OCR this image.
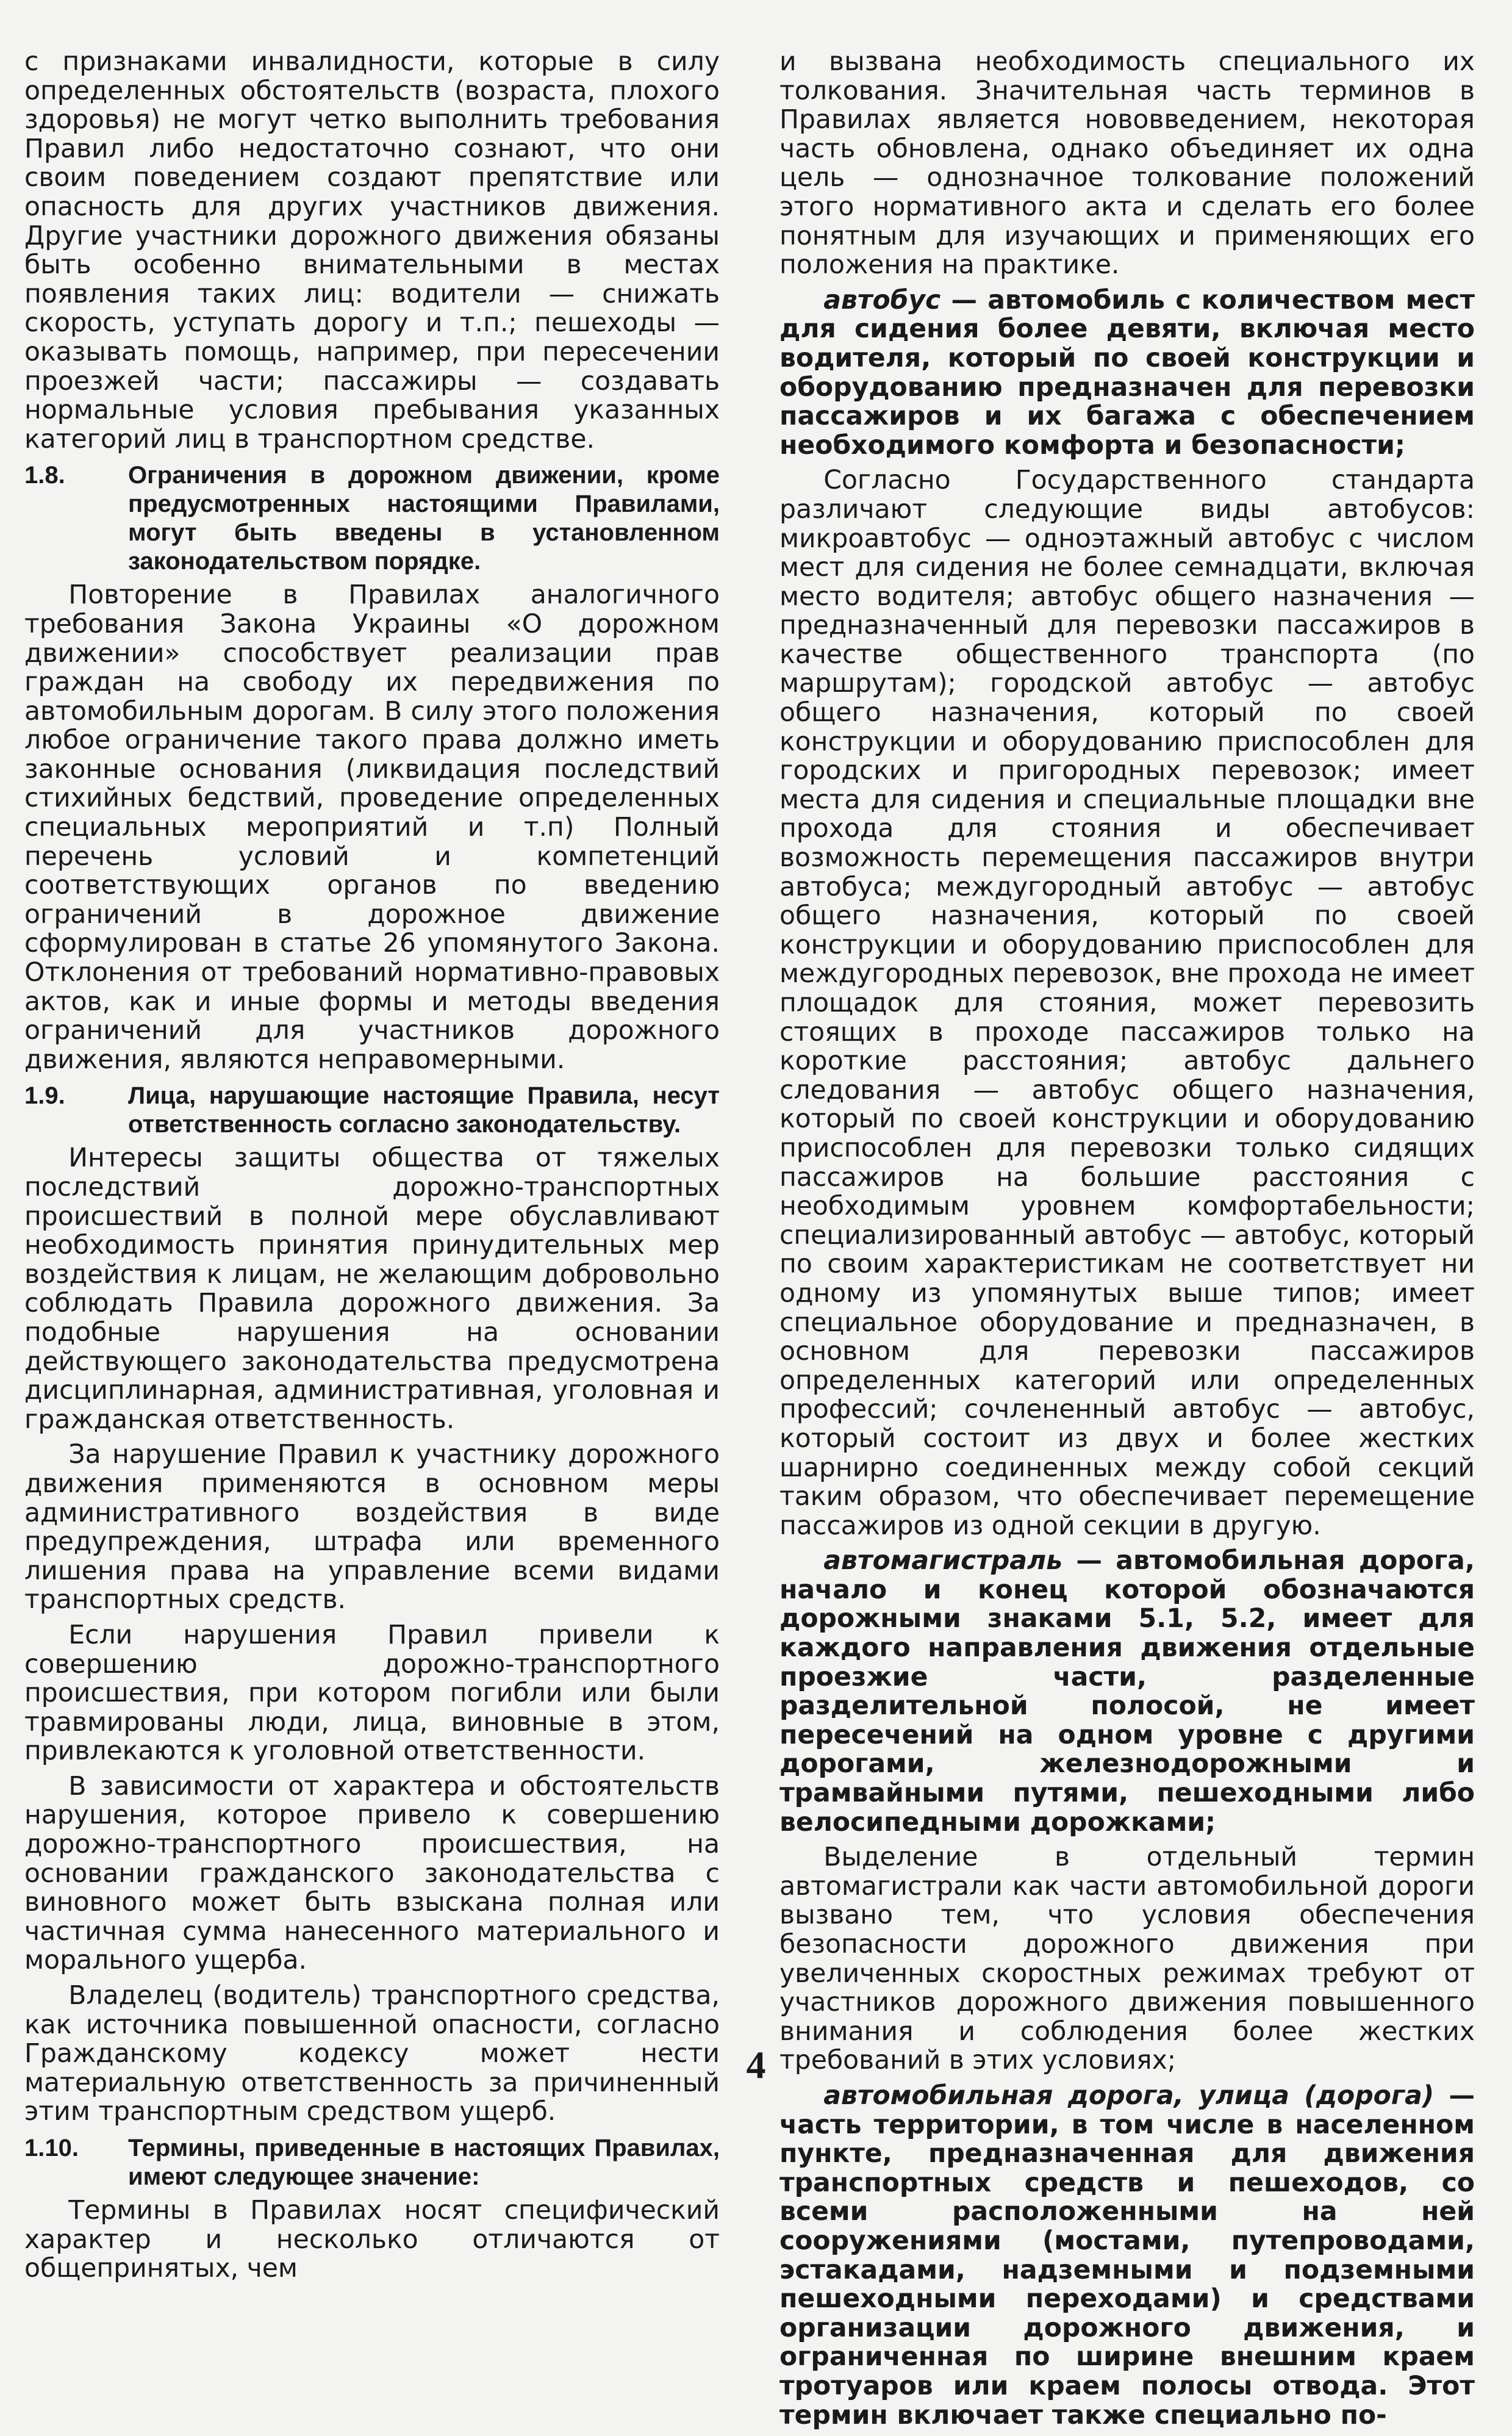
с признаками инвалидности, которые в силу определенных обстоятельств (возраста, плохого здоровья) не могут четко выполнить требования Правил либо недостаточно сознают, что они своим поведением создают препятствие или опасность для других участников движения. Другие участники дорожного движения обязаны быть особенно внимательными в местах появления таких лиц: водители — снижать скорость, уступать дорогу и т.п.; пешеходы — оказывать помощь, например, при пересечении проезжей части; пассажиры — создавать нормальные условия пребывания указанных категорий лиц в транспортном средстве.

1.8.	Ограничения в дорожном движении, кроме предусмотренных настоящими Правилами, могут быть введены в установленном законодательством порядке.

Повторение в Правилах аналогичного требования Закона Украины «О дорожном движении» способствует реализации прав граждан на свободу их передвижения по автомобильным дорогам. В силу этого положения любое ограничение такого права должно иметь законные основания (ликвидация последствий стихийных бедствий, проведение определенных специальных мероприятий и т.п) Полный перечень условий и компетенций соответствующих органов по введению ограничений в дорожное движение сформулирован в статье 26 упомянутого Закона. Отклонения от требований нормативно-правовых актов, как и иные формы и методы введения ограничений для участников дорожного движения, являются неправомерными.

1.9.	Лица, нарушающие настоящие Правила, несут ответственность согласно законодательству.

Интересы защиты общества от тяжелых последствий дорожно-транспортных происшествий в полной мере обуславливают необходимость принятия принудительных мер воздействия к лицам, не желающим добровольно соблюдать Правила дорожного движения. За подобные нарушения на основании действующего законодательства предусмотрена дисциплинарная, административная, уголовная и гражданская ответственность.

За нарушение Правил к участнику дорожного движения применяются в основном меры административного воздействия в виде предупреждения, штрафа или временного лишения права на управление всеми видами транспортных средств.

Если нарушения Правил привели к совершению дорожно-транспортного происшествия, при котором погибли или были травмированы люди, лица, виновные в этом, привлекаются к уголовной ответственности.

В зависимости от характера и обстоятельств нарушения, которое привело к совершению дорожно-транспортного происшествия, на основании гражданского законодательства с виновного может быть взыскана полная или частичная сумма нанесенного материального и морального ущерба.

Владелец (водитель) транспортного средства, как источника повышенной опасности, согласно Гражданскому кодексу может нести материальную ответственность за причиненный этим транспортным средством ущерб.

1.10.	Термины, приведенные в настоящих Правилах, имеют следующее значение:

Термины в Правилах носят специфический характер и несколько отличаются от общепринятых, чем

и вызвана необходимость специального их толкования. Значительная часть терминов в Правилах является нововведением, некоторая часть обновлена, однако объединяет их одна цель — однозначное толкование положений этого нормативного акта и сделать его более понятным для изучающих и применяющих его положения на практике.

автобус — автомобиль с количеством мест для сидения более девяти, включая место водителя, который по своей конструкции и оборудованию предназначен для перевозки пассажиров и их багажа с обеспечением необходимого комфорта и безопасности;

Согласно Государственного стандарта различают следующие виды автобусов: микроавтобус — одноэтажный автобус с числом мест для сидения не более семнадцати, включая место водителя; автобус общего назначения — предназначенный для перевозки пассажиров в качестве общественного транспорта (по маршрутам); городской автобус — автобус общего назначения, который по своей конструкции и оборудованию приспособлен для городских и пригородных перевозок; имеет места для сидения и специальные площадки вне прохода для стояния и обеспечивает возможность перемещения пассажиров внутри автобуса; междугородный автобус — автобус общего назначения, который по своей конструкции и оборудованию приспособлен для междугородных перевозок, вне прохода не имеет площадок для стояния, может перевозить стоящих в проходе пассажиров только на короткие расстояния; автобус дальнего следования — автобус общего назначения, который по своей конструкции и оборудованию приспособлен для перевозки только сидящих пассажиров на большие расстояния с необходимым уровнем комфортабельности; специализированный автобус — автобус, который по своим характеристикам не соответствует ни одному из упомянутых выше типов; имеет специальное оборудование и предназначен, в основном для перевозки пассажиров определенных категорий или определенных профессий; сочлененный автобус — автобус, который состоит из двух и более жестких шарнирно соединенных между собой секций таким образом, что обеспечивает перемещение пассажиров из одной секции в другую.

автомагистраль — автомобильная дорога, начало и конец которой обозначаются дорожными знаками 5.1, 5.2, имеет для каждого направления движения отдельные проезжие части, разделенные разделительной полосой, не имеет пересечений на одном уровне с другими дорогами, железнодорожными и трамвайными путями, пешеходными либо велосипедными дорожками;

Выделение в отдельный термин автомагистрали как части автомобильной дороги вызвано тем, что условия обеспечения безопасности дорожного движения при увеличенных скоростных режимах требуют от участников дорожного движения повышенного внимания и соблюдения более жестких требований в этих условиях;

автомобильная дорога, улица (дорога) — часть территории, в том числе в населенном пункте, предназначенная для движения транспортных средств и пешеходов, со всеми расположенными на ней сооружениями (мостами, путепроводами, эстакадами, надземными и подземными пешеходными переходами) и средствами организации дорожного движения, и ограниченная по ширине внешним краем тротуаров или краем полосы отвода. Этот термин включает также специально по-

4
